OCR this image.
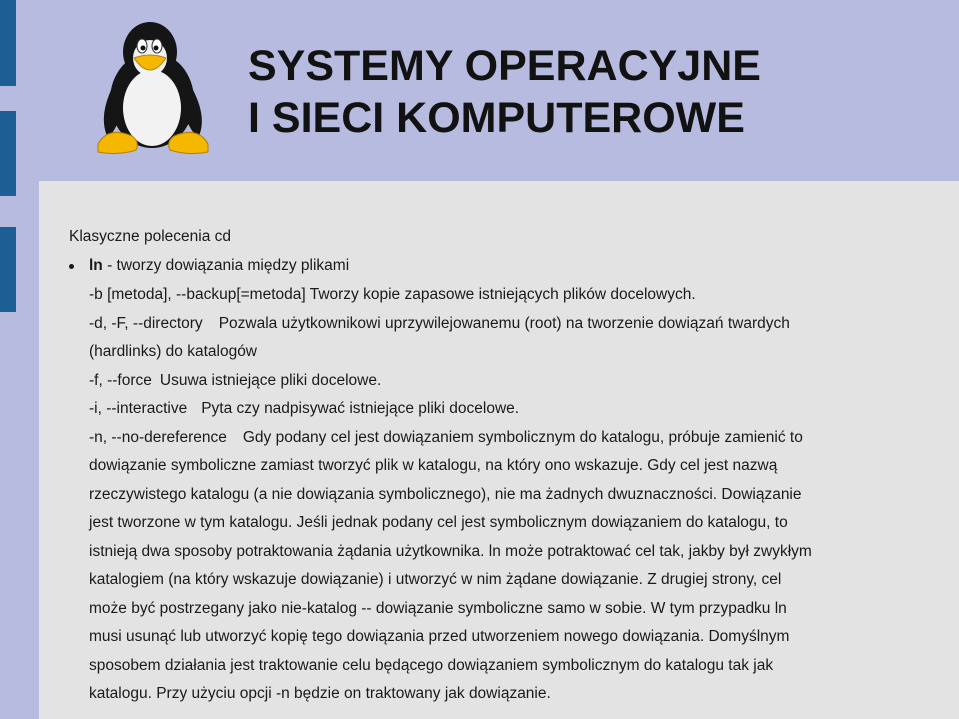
SYSTEMY OPERACYJNE
I SIECI KOMPUTEROWE
Klasyczne polecenia cd
ln - tworzy dowiązania między plikami
-b [metoda], --backup[=metoda] Tworzy kopie zapasowe istniejących plików docelowych.
-d, -F, --directory Pozwala użytkownikowi uprzywilejowanemu (root) na tworzenie dowiązań twardych
(hardlinks) do katalogów
-f, --force Usuwa istniejące pliki docelowe.
-i, --interactive Pyta czy nadpisywać istniejące pliki docelowe.
-n, --no-dereference Gdy podany cel jest dowiązaniem symbolicznym do katalogu, próbuje zamienić to
dowiązanie symboliczne zamiast tworzyć plik w katalogu, na który ono wskazuje. Gdy cel jest nazwą
rzeczywistego katalogu (a nie dowiązania symbolicznego), nie ma żadnych dwuznaczności. Dowiązanie
jest tworzone w tym katalogu. Jeśli jednak podany cel jest symbolicznym dowiązaniem do katalogu, to
istnieją dwa sposoby potraktowania żądania użytkownika. ln może potraktować cel tak, jakby był zwykłym
katalogiem (na który wskazuje dowiązanie) i utworzyć w nim żądane dowiązanie. Z drugiej strony, cel
może być postrzegany jako nie-katalog -- dowiązanie symboliczne samo w sobie. W tym przypadku ln
musi usunąć lub utworzyć kopię tego dowiązania przed utworzeniem nowego dowiązania. Domyślnym
sposobem działania jest traktowanie celu będącego dowiązaniem symbolicznym do katalogu tak jak
katalogu. Przy użyciu opcji -n będzie on traktowany jak dowiązanie.
